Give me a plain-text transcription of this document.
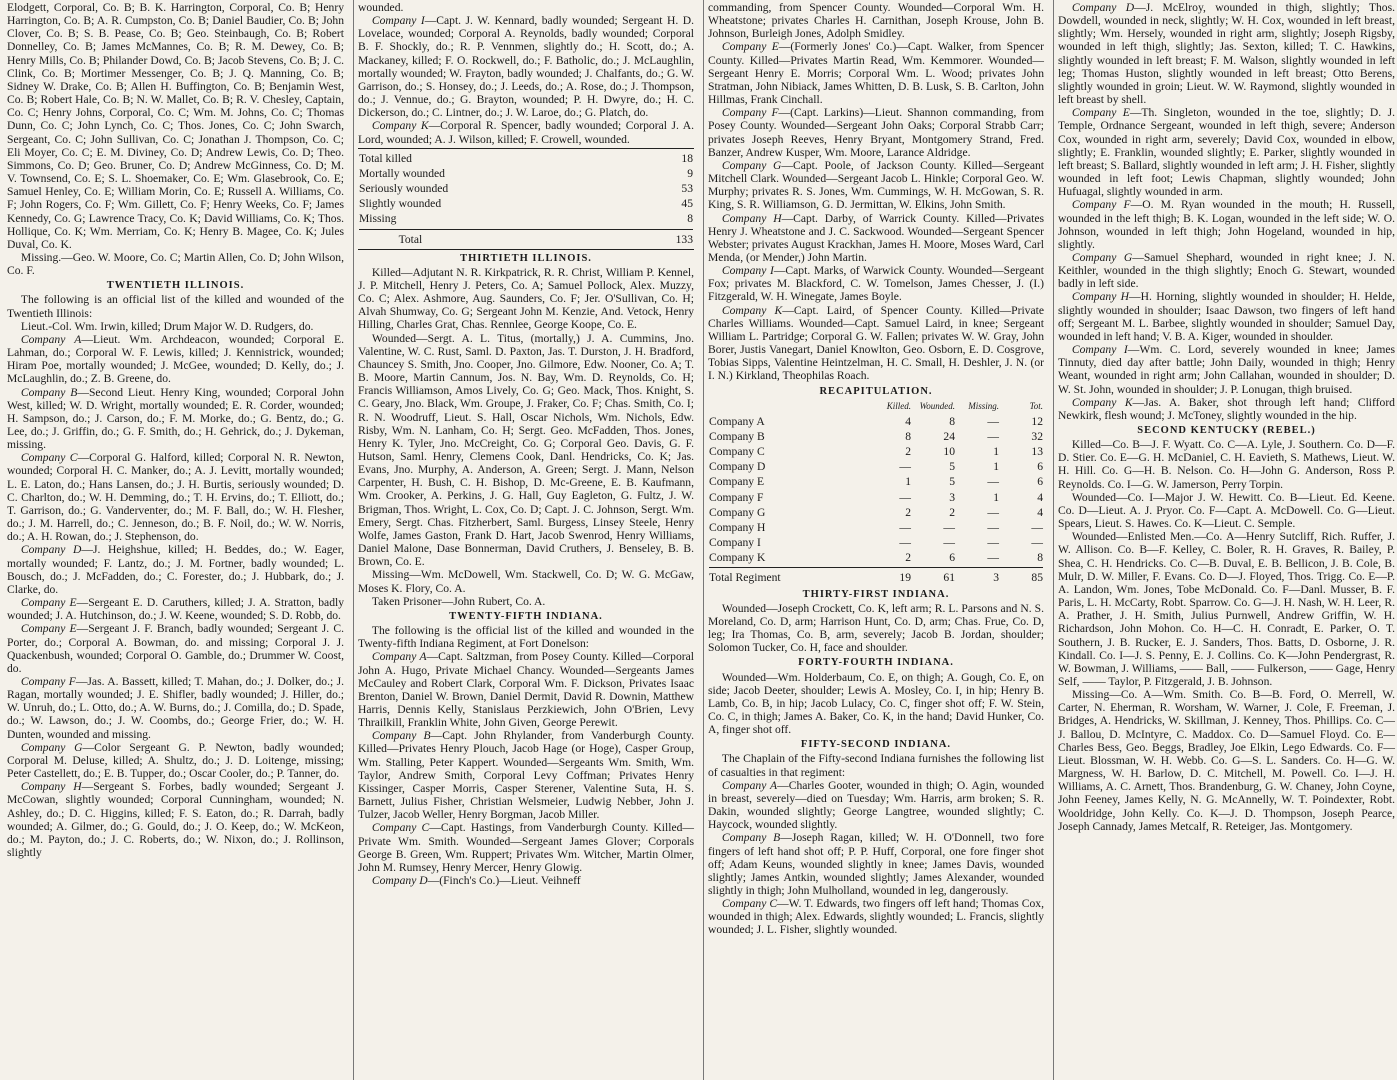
Elodgett, Corporal, Co. B; B. K. Harrington, Corporal, Co. B; Henry Harrington, Co. B; A. R. Cumpston, Co. B; Daniel Baudier, Co. B; John Clover, Co. B; S. B. Pease, Co. B; Geo. Steinbaugh, Co. B; Robert Donnelley, Co. B; James McMannes, Co. B; R. M. Dewey, Co. B; Henry Mills, Co. B; Philander Dowd, Co. B; Jacob Stevens, Co. B; J. C. Clink, Co. B; Mortimer Messenger, Co. B; J. Q. Manning, Co. B; Sidney W. Drake, Co. B; Allen H. Buffington, Co. B; Benjamin West, Co. B; Robert Hale, Co. B; N. W. Mallet, Co. B; R. V. Chesley, Captain, Co. C; Henry Johns, Corporal, Co. C; Wm. M. Johns, Co. C; Thomas Dunn, Co. C; John Lynch, Co. C; Thos. Jones, Co. C; John Swarch, Sergeant, Co. C; John Sullivan, Co. C; Jonathan J. Thompson, Co. C; Eli Moyer, Co. C; E. M. Diviney, Co. D; Andrew Lewis, Co. D; Theo. Simmons, Co. D; Geo. Bruner, Co. D; Andrew McGinness, Co. D; M. V. Townsend, Co. E; S. L. Shoemaker, Co. E; Wm. Glasebrook, Co. E; Samuel Henley, Co. E; William Morin, Co. E; Russell A. Williams, Co. F; John Rogers, Co. F; Wm. Gillett, Co. F; Henry Weeks, Co. F; James Kennedy, Co. G; Lawrence Tracy, Co. K; David Williams, Co. K; Thos. Hollique, Co. K; Wm. Merriam, Co. K; Henry B. Magee, Co. K; Jules Duval, Co. K.

Missing.—Geo. W. Moore, Co. C; Martin Allen, Co. D; John Wilson, Co. F.

TWENTIETH ILLINOIS.

The following is an official list of the killed and wounded of the Twentieth Illinois:

Lieut.-Col. Wm. Irwin, killed; Drum Major W. D. Rudgers, do.

Company A—Lieut. Wm. Archdeacon, wounded; Corporal E. Lahman, do.; Corporal W. F. Lewis, killed; J. Kennistrick, wounded; Hiram Poe, mortally wounded; J. McGee, wounded; D. Kelly, do.; J. McLaughlin, do.; Z. B. Greene, do.

Company B—Second Lieut. Henry King, wounded; Corporal John West, killed; W. D. Wright, mortally wounded; E. R. Corder, wounded; H. Sampson, do.; J. Carson, do.; F. M. Morke, do.; G. Bentz, do.; G. Lee, do.; J. Griffin, do.; G. F. Smith, do.; H. Gehrick, do.; J. Dykeman, missing.

Company C—Corporal G. Halford, killed; Corporal N. R. Newton, wounded; Corporal H. C. Manker, do.; A. J. Levitt, mortally wounded; L. E. Laton, do.; Hans Lansen, do.; J. H. Burtis, seriously wounded; D. C. Charlton, do.; W. H. Demming, do.; T. H. Ervins, do.; T. Elliott, do.; T. Garrison, do.; G. Vanderventer, do.; M. F. Ball, do.; W. H. Flesher, do.; J. M. Harrell, do.; C. Jenneson, do.; B. F. Noil, do.; W. W. Norris, do.; A. H. Rowan, do.; J. Stephenson, do.

Company D—J. Heighshue, killed; H. Beddes, do.; W. Eager, mortally wounded; F. Lantz, do.; J. M. Fortner, badly wounded; L. Bousch, do.; J. McFadden, do.; C. Forester, do.; J. Hubbark, do.; J. Clarke, do.

Company E—Sergeant E. D. Caruthers, killed; J. A. Stratton, badly wounded; J. A. Hutchinson, do.; J. W. Keene, wounded; S. D. Robb, do.

Company E—Sergeant J. F. Branch, badly wounded; Sergeant J. C. Porter, do.; Corporal A. Bowman, do. and missing; Corporal J. J. Quackenbush, wounded; Corporal O. Gamble, do.; Drummer W. Coost, do.

Company F—Jas. A. Bassett, killed; T. Mahan, do.; J. Dolker, do.; J. Ragan, mortally wounded; J. E. Shifler, badly wounded; J. Hiller, do.; W. Unruh, do.; L. Otto, do.; A. W. Burns, do.; J. Comilla, do.; D. Spade, do.; W. Lawson, do.; J. W. Coombs, do.; George Frier, do.; W. H. Dunten, wounded and missing.

Company G—Color Sergeant G. P. Newton, badly wounded; Corporal M. Deluse, killed; A. Shultz, do.; J. D. Loitenge, missing; Peter Castellett, do.; E. B. Tupper, do.; Oscar Cooler, do.; P. Tanner, do.

Company H—Sergeant S. Forbes, badly wounded; Sergeant J. McCowan, slightly wounded; Corporal Cunningham, wounded; N. Ashley, do.; D. C. Higgins, killed; F. S. Eaton, do.; R. Darrah, badly wounded; A. Gilmer, do.; G. Gould, do.; J. O. Keep, do.; W. McKeon, do.; M. Payton, do.; J. C. Roberts, do.; W. Nixon, do.; J. Rollinson, slightly

wounded.

Company I—Capt. J. W. Kennard, badly wounded; Sergeant H. D. Lovelace, wounded; Corporal A. Reynolds, badly wounded; Corporal B. F. Shockly, do.; R. P. Vennmen, slightly do.; H. Scott, do.; A. Mackaney, killed; F. O. Rockwell, do.; F. Batholic, do.; J. McLaughlin, mortally wounded; W. Frayton, badly wounded; J. Chalfants, do.; G. W. Garrison, do.; S. Honsey, do.; J. Leeds, do.; A. Rose, do.; J. Thompson, do.; J. Vennue, do.; G. Brayton, wounded; P. H. Dwyre, do.; H. C. Dickerson, do.; C. Lintner, do.; J. W. Laroe, do.; G. Platch, do.

Company K—Corporal R. Spencer, badly wounded; Corporal J. A. Lord, wounded; A. J. Wilson, killed; F. Crowell, wounded.

Total killed	18
Mortally wounded	9
Seriously wounded	53
Slightly wounded	45
Missing	8

Total	133

THIRTIETH ILLINOIS.

Killed—Adjutant N. R. Kirkpatrick, R. R. Christ, William P. Kennel, J. P. Mitchell, Henry J. Peters, Co. A; Samuel Pollock, Alex. Muzzy, Co. C; Alex. Ashmore, Aug. Saunders, Co. F; Jer. O'Sullivan, Co. H; Alvah Shumway, Co. G; Sergeant John M. Kenzie, And. Vetock, Henry Hilling, Charles Grat, Chas. Rennlee, George Koope, Co. E.

Wounded—Sergt. A. L. Titus, (mortally,) J. A. Cummins, Jno. Valentine, W. C. Rust, Saml. D. Paxton, Jas. T. Durston, J. H. Bradford, Chauncey S. Smith, Jno. Cooper, Jno. Gilmore, Edw. Nooner, Co. A; T. B. Moore, Martin Cannum, Jos. N. Bay, Wm. D. Reynolds, Co. H; Francis Williamson, Amos Lively, Co. G; Geo. Mack, Thos. Knight, S. C. Geary, Jno. Black, Wm. Groupe, J. Fraker, Co. F; Chas. Smith, Co. I; R. N. Woodruff, Lieut. S. Hall, Oscar Nichols, Wm. Nichols, Edw. Risby, Wm. N. Lanham, Co. H; Sergt. Geo. McFadden, Thos. Jones, Henry K. Tyler, Jno. McCreight, Co. G; Corporal Geo. Davis, G. F. Hutson, Saml. Henry, Clemens Cook, Danl. Hendricks, Co. K; Jas. Evans, Jno. Murphy, A. Anderson, A. Green; Sergt. J. Mann, Nelson Carpenter, H. Bush, C. H. Bishop, D. Mc-Greene, E. B. Kaufmann, Wm. Crooker, A. Perkins, J. G. Hall, Guy Eagleton, G. Fultz, J. W. Brigman, Thos. Wright, L. Cox, Co. D; Capt. J. C. Johnson, Sergt. Wm. Emery, Sergt. Chas. Fitzherbert, Saml. Burgess, Linsey Steele, Henry Wolfe, James Gaston, Frank D. Hart, Jacob Swenrod, Henry Williams, Daniel Malone, Dase Bonnerman, David Cruthers, J. Benseley, B. B. Brown, Co. E.

Missing—Wm. McDowell, Wm. Stackwell, Co. D; W. G. McGaw, Moses K. Flory, Co. A.

Taken Prisoner—John Rubert, Co. A.

TWENTY-FIFTH INDIANA.

The following is the official list of the killed and wounded in the Twenty-fifth Indiana Regiment, at Fort Donelson:

Company A—Capt. Saltzman, from Posey County. Killed—Corporal John A. Hugo, Private Michael Chancy. Wounded—Sergeants James McCauley and Robert Clark, Corporal Wm. F. Dickson, Privates Isaac Brenton, Daniel W. Brown, Daniel Dermit, David R. Downin, Matthew Harris, Dennis Kelly, Stanislaus Perzkiewich, John O'Brien, Levy Thrailkill, Franklin White, John Given, George Perewit.

Company B—Capt. John Rhylander, from Vanderburgh County. Killed—Privates Henry Plouch, Jacob Hage (or Hoge), Casper Group, Wm. Stalling, Peter Kappert. Wounded—Sergeants Wm. Smith, Wm. Taylor, Andrew Smith, Corporal Levy Coffman; Privates Henry Kissinger, Casper Morris, Casper Sterener, Valentine Suta, H. S. Barnett, Julius Fisher, Christian Welsmeier, Ludwig Nebber, John J. Tulzer, Jacob Weller, Henry Borgman, Jacob Miller.

Company C—Capt. Hastings, from Vanderburgh County. Killed—Private Wm. Smith. Wounded—Sergeant James Glover; Corporals George B. Green, Wm. Ruppert; Privates Wm. Witcher, Martin Olmer, John M. Rumsey, Henry Mercer, Henry Glowig.

Company D—(Finch's Co.)—Lieut. Veihneff

commanding, from Spencer County. Wounded—Corporal Wm. H. Wheatstone; privates Charles H. Carnithan, Joseph Krouse, John B. Johnson, Burleigh Jones, Adolph Smidley.

Company E—(Formerly Jones' Co.)—Capt. Walker, from Spencer County. Killed—Privates Martin Read, Wm. Kemmorer. Wounded—Sergeant Henry E. Morris; Corporal Wm. L. Wood; privates John Stratman, John Nibiack, James Whitten, D. B. Lusk, S. B. Carlton, John Hillmas, Frank Cinchall.

Company F—(Capt. Larkins)—Lieut. Shannon commanding, from Posey County. Wounded—Sergeant John Oaks; Corporal Strabb Carr; privates Joseph Reeves, Henry Bryant, Montgomery Strand, Fred. Banzer, Andrew Kusper, Wm. Moore, Larance Aldridge.

Company G—Capt. Poole, of Jackson County. Killed—Sergeant Mitchell Clark. Wounded—Sergeant Jacob L. Hinkle; Corporal Geo. W. Murphy; privates R. S. Jones, Wm. Cummings, W. H. McGowan, S. R. King, S. R. Williamson, G. D. Jermittan, W. Elkins, John Smith.

Company H—Capt. Darby, of Warrick County. Killed—Privates Henry J. Wheatstone and J. C. Sackwood. Wounded—Sergeant Spencer Webster; privates August Krackhan, James H. Moore, Moses Ward, Carl Menda, (or Mender,) John Martin.

Company I—Capt. Marks, of Warwick County. Wounded—Sergeant Fox; privates M. Blackford, C. W. Tomelson, James Chesser, J. (I.) Fitzgerald, W. H. Winegate, James Boyle.

Company K—Capt. Laird, of Spencer County. Killed—Private Charles Williams. Wounded—Capt. Samuel Laird, in knee; Sergeant William L. Partridge; Corporal G. W. Fallen; privates W. W. Gray, John Borer, Justis Vanegart, Daniel Knowlton, Geo. Osborn, E. D. Cosgrove, Tobias Sipps, Valentine Heintzelman, H. C. Small, H. Deshler, J. N. (or I. N.) Kirkland, Theophilas Roach.

RECAPITULATION.

	Killed.	Wounded.	Missing.	Tot.
Company A	4	8	—	12
Company B	8	24	—	32
Company C	2	10	1	13
Company D	—	5	1	6
Company E	1	5	—	6
Company F	—	3	1	4
Company G	2	2	—	4
Company H	—	—	—	—
Company I	—	—	—	—
Company K	2	6	—	8

Total Regiment	19	61	3	85

THIRTY-FIRST INDIANA.

Wounded—Joseph Crockett, Co. K, left arm; R. L. Parsons and N. S. Moreland, Co. D, arm; Harrison Hunt, Co. D, arm; Chas. Frue, Co. D, leg; Ira Thomas, Co. B, arm, severely; Jacob B. Jordan, shoulder; Solomon Tucker, Co. H, face and shoulder.

FORTY-FOURTH INDIANA.

Wounded—Wm. Holderbaum, Co. E, on thigh; A. Gough, Co. E, on side; Jacob Deeter, shoulder; Lewis A. Mosley, Co. I, in hip; Henry B. Lamb, Co. B, in hip; Jacob Lulacy, Co. C, finger shot off; F. W. Stein, Co. C, in thigh; James A. Baker, Co. K, in the hand; David Hunker, Co. A, finger shot off.

FIFTY-SECOND INDIANA.

The Chaplain of the Fifty-second Indiana furnishes the following list of casualties in that regiment:

Company A—Charles Gooter, wounded in thigh; O. Agin, wounded in breast, severely—died on Tuesday; Wm. Harris, arm broken; S. R. Dakin, wounded slightly; George Langtree, wounded slightly; C. Haycock, wounded slightly.

Company B—Joseph Ragan, killed; W. H. O'Donnell, two fore fingers of left hand shot off; P. P. Huff, Corporal, one fore finger shot off; Adam Keuns, wounded slightly in knee; James Davis, wounded slightly; James Antkin, wounded slightly; James Alexander, wounded slightly in thigh; John Mulholland, wounded in leg, dangerously.

Company C—W. T. Edwards, two fingers off left hand; Thomas Cox, wounded in thigh; Alex. Edwards, slightly wounded; L. Francis, slightly wounded; J. L. Fisher, slightly wounded.

Company D—J. McElroy, wounded in thigh, slightly; Thos. Dowdell, wounded in neck, slightly; W. H. Cox, wounded in left breast, slightly; Wm. Hersely, wounded in right arm, slightly; Joseph Rigsby, wounded in left thigh, slightly; Jas. Sexton, killed; T. C. Hawkins, slightly wounded in left breast; F. M. Walson, slightly wounded in left leg; Thomas Huston, slightly wounded in left breast; Otto Berens, slightly wounded in groin; Lieut. W. W. Raymond, slightly wounded in left breast by shell.

Company E—Th. Singleton, wounded in the toe, slightly; D. J. Temple, Ordnance Sergeant, wounded in left thigh, severe; Anderson Cox, wounded in right arm, severely; David Cox, wounded in elbow, slightly; E. Franklin, wounded slightly; E. Parker, slightly wounded in left breast; S. Ballard, slightly wounded in left arm; J. H. Fisher, slightly wounded in left foot; Lewis Chapman, slightly wounded; John Hufuagal, slightly wounded in arm.

Company F—O. M. Ryan wounded in the mouth; H. Russell, wounded in the left thigh; B. K. Logan, wounded in the left side; W. O. Johnson, wounded in left thigh; John Hogeland, wounded in hip, slightly.

Company G—Samuel Shephard, wounded in right knee; J. N. Keithler, wounded in the thigh slightly; Enoch G. Stewart, wounded badly in left side.

Company H—H. Horning, slightly wounded in shoulder; H. Helde, slightly wounded in shoulder; Isaac Dawson, two fingers of left hand off; Sergeant M. L. Barbee, slightly wounded in shoulder; Samuel Day, wounded in left hand; V. B. A. Kiger, wounded in shoulder.

Company I—Wm. C. Lord, severely wounded in knee; James Tinnuty, died day after battle; John Daily, wounded in thigh; Henry Weant, wounded in right arm; John Callahan, wounded in shoulder; D. W. St. John, wounded in shoulder; J. P. Lonugan, thigh bruised.

Company K—Jas. A. Baker, shot through left hand; Clifford Newkirk, flesh wound; J. McToney, slightly wounded in the hip.

SECOND KENTUCKY (REBEL.)

Killed—Co. B—J. F. Wyatt. Co. C—A. Lyle, J. Southern. Co. D—F. D. Stier. Co. E—G. H. McDaniel, C. H. Eavieth, S. Mathews, Lieut. W. H. Hill. Co. G—H. B. Nelson. Co. H—John G. Anderson, Ross P. Reynolds. Co. I—G. W. Jamerson, Perry Torpin.

Wounded—Co. I—Major J. W. Hewitt. Co. B—Lieut. Ed. Keene. Co. D—Lieut. A. J. Pryor. Co. F—Capt. A. McDowell. Co. G—Lieut. Spears, Lieut. S. Hawes. Co. K—Lieut. C. Semple.

Wounded—Enlisted Men.—Co. A—Henry Sutcliff, Rich. Ruffer, J. W. Allison. Co. B—F. Kelley, C. Boler, R. H. Graves, R. Bailey, P. Shea, C. H. Hendricks. Co. C—B. Duval, E. B. Bellicon, J. B. Cole, B. Mulr, D. W. Miller, F. Evans. Co. D—J. Floyed, Thos. Trigg. Co. E—P. A. Landon, Wm. Jones, Tobe McDonald. Co. F—Danl. Musser, B. F. Paris, L. H. McCarty, Robt. Sparrow. Co. G—J. H. Nash, W. H. Leer, R. A. Prather, J. H. Smith, Julius Purnwell, Andrew Griffin, W. H. Richardson, John Mohon. Co. H—C. H. Conradt, E. Parker, O. T. Southern, J. B. Rucker, E. J. Sanders, Thos. Batts, D. Osborne, J. R. Kindall. Co. I—J. S. Penny, E. J. Collins. Co. K—John Pendergrast, R. W. Bowman, J. Williams, —— Ball, —— Fulkerson, —— Gage, Henry Self, —— Taylor, P. Fitzgerald, J. B. Johnson.

Missing—Co. A—Wm. Smith. Co. B—B. Ford, O. Merrell, W. Carter, N. Eherman, R. Worsham, W. Warner, J. Cole, F. Freeman, J. Bridges, A. Hendricks, W. Skillman, J. Kenney, Thos. Phillips. Co. C—J. Ballou, D. McIntyre, C. Maddox. Co. D—Samuel Floyd. Co. E—Charles Bess, Geo. Beggs, Bradley, Joe Elkin, Lego Edwards. Co. F—Lieut. Blossman, W. H. Webb. Co. G—S. L. Sanders. Co. H—G. W. Margness, W. H. Barlow, D. C. Mitchell, M. Powell. Co. I—J. H. Williams, A. C. Arnett, Thos. Brandenburg, G. W. Chaney, John Coyne, John Feeney, James Kelly, N. G. McAnnelly, W. T. Poindexter, Robt. Wooldridge, John Kelly. Co. K—J. D. Thompson, Joseph Pearce, Joseph Cannady, James Metcalf, R. Reteiger, Jas. Montgomery.
